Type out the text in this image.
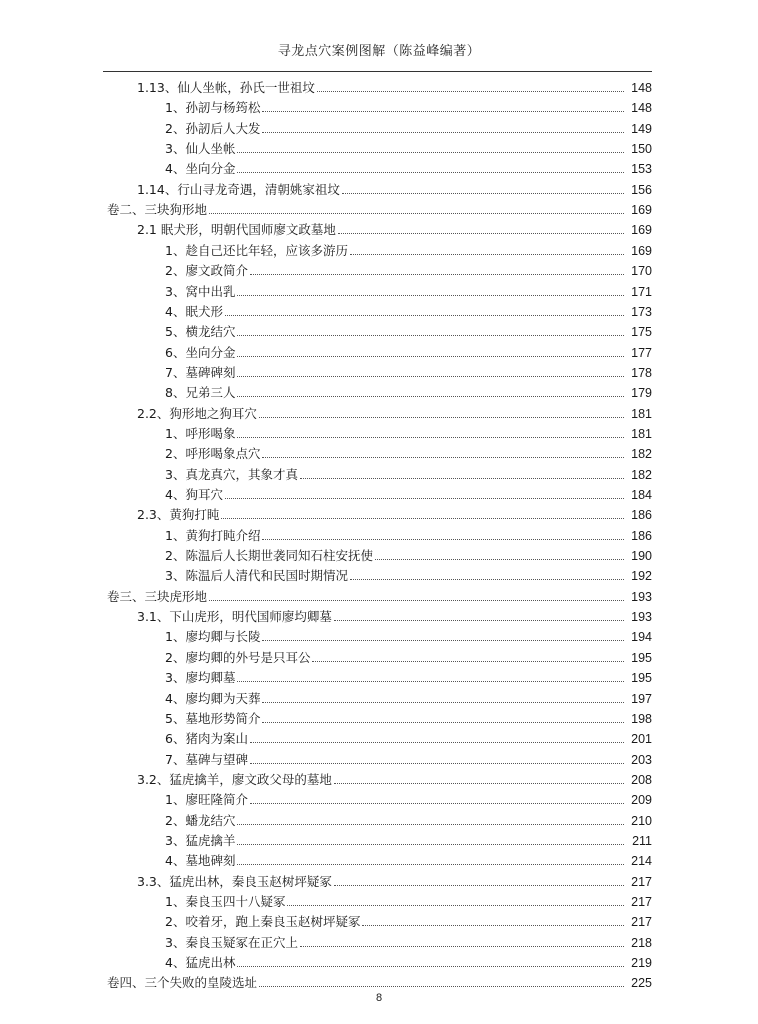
寻龙点穴案例图解（陈益峰编著）
1.13、仙人坐帐，孙氏一世祖坟	148
1、孙訒与杨筠松	148
2、孙訒后人大发	149
3、仙人坐帐	150
4、坐向分金	153
1.14、行山寻龙奇遇，清朝姚家祖坟	156
卷二、三块狗形地	169
2.1 眠犬形，明朝代国师廖文政墓地	169
1、趁自己还比年轻，应该多游历	169
2、廖文政简介	170
3、窝中出乳	171
4、眠犬形	173
5、横龙结穴	175
6、坐向分金	177
7、墓碑碑刻	178
8、兄弟三人	179
2.2、狗形地之狗耳穴	181
1、呼形喝象	181
2、呼形喝象点穴	182
3、真龙真穴，其象才真	182
4、狗耳穴	184
2.3、黄狗打盹	186
1、黄狗打盹介绍	186
2、陈温后人长期世袭同知石柱安抚使	190
3、陈温后人清代和民国时期情况	192
卷三、三块虎形地	193
3.1、下山虎形，明代国师廖均卿墓	193
1、廖均卿与长陵	194
2、廖均卿的外号是只耳公	195
3、廖均卿墓	195
4、廖均卿为天葬	197
5、墓地形势简介	198
6、猪肉为案山	201
7、墓碑与望碑	203
3.2、猛虎擒羊，廖文政父母的墓地	208
1、廖旺隆简介	209
2、蟠龙结穴	210
3、猛虎擒羊	211
4、墓地碑刻	214
3.3、猛虎出林，秦良玉赵树坪疑冢	217
1、秦良玉四十八疑冢	217
2、咬着牙，跑上秦良玉赵树坪疑冢	217
3、秦良玉疑冢在正穴上	218
4、猛虎出林	219
卷四、三个失败的皇陵选址	225
8
